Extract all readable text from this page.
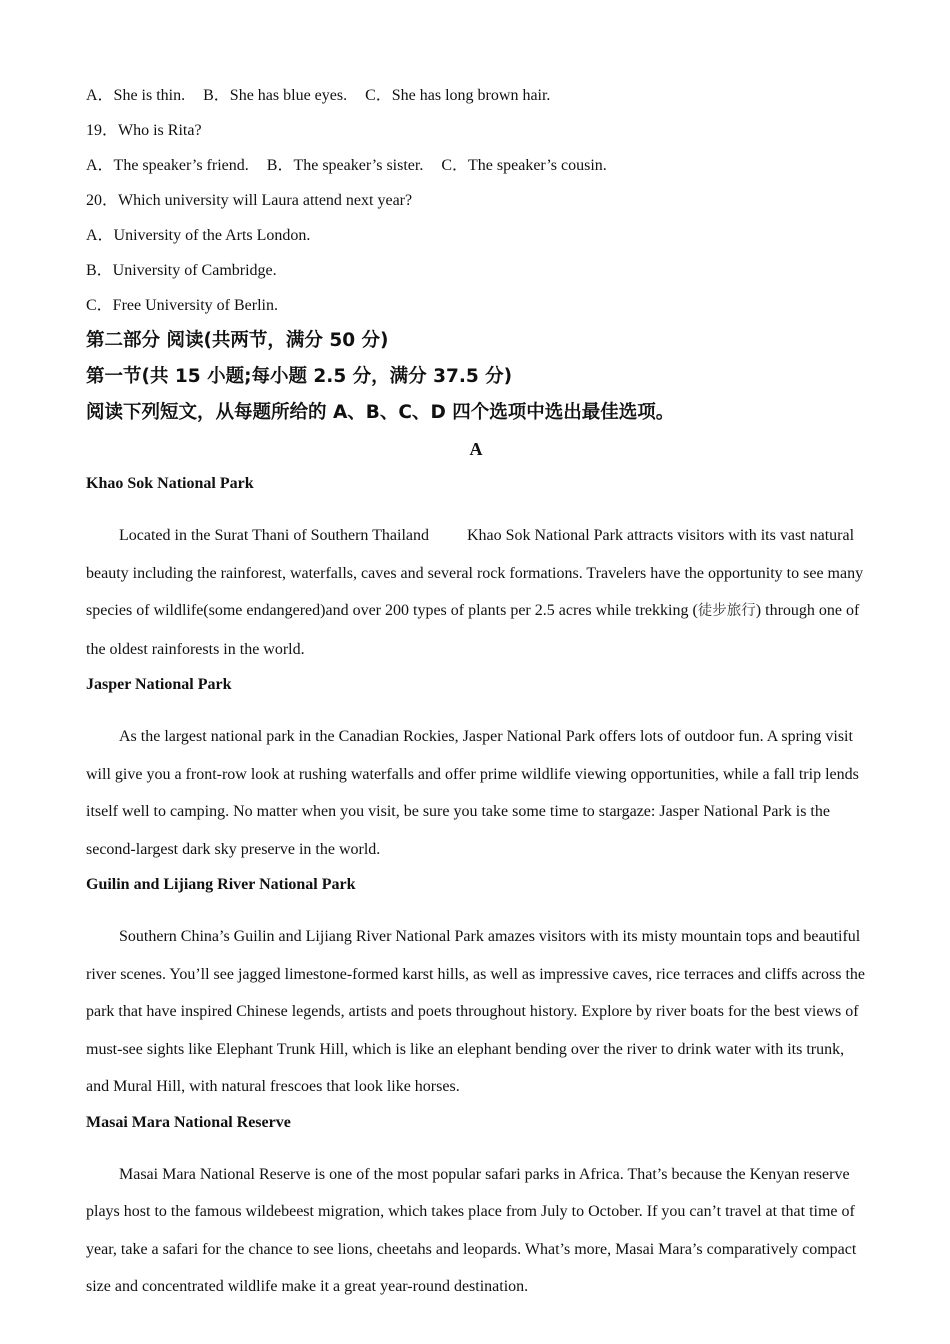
A．She is thin. B．She has blue eyes. C．She has long brown hair.
19．Who is Rita?
A．The speaker’s friend. B．The speaker’s sister. C．The speaker’s cousin.
20．Which university will Laura attend next year?
A．University of the Arts London.
B．University of Cambridge.
C．Free University of Berlin.
第二部分 阅读(共两节，满分 50 分)
第一节(共 15 小题;每小题 2.5 分，满分 37.5 分)
阅读下列短文，从每题所给的 A、B、C、D 四个选项中选出最佳选项。
A
Khao Sok National Park

Located in the Surat Thani of Southern Thailand Khao Sok National Park attracts visitors with its vast natural beauty including the rainforest, waterfalls, caves and several rock formations. Travelers have the opportunity to see many species of wildlife(some endangered)and over 200 types of plants per 2.5 acres while trekking (徒步旅行) through one of the oldest rainforests in the world.

Jasper National Park

As the largest national park in the Canadian Rockies, Jasper National Park offers lots of outdoor fun. A spring visit will give you a front-row look at rushing waterfalls and offer prime wildlife viewing opportunities, while a fall trip lends itself well to camping. No matter when you visit, be sure you take some time to stargaze: Jasper National Park is the second-largest dark sky preserve in the world.

Guilin and Lijiang River National Park

Southern China’s Guilin and Lijiang River National Park amazes visitors with its misty mountain tops and beautiful river scenes. You’ll see jagged limestone-formed karst hills, as well as impressive caves, rice terraces and cliffs across the park that have inspired Chinese legends, artists and poets throughout history. Explore by river boats for the best views of must-see sights like Elephant Trunk Hill, which is like an elephant bending over the river to drink water with its trunk, and Mural Hill, with natural frescoes that look like horses.

Masai Mara National Reserve

Masai Mara National Reserve is one of the most popular safari parks in Africa. That’s because the Kenyan reserve plays host to the famous wildebeest migration, which takes place from July to October. If you can’t travel at that time of year, take a safari for the chance to see lions, cheetahs and leopards. What’s more, Masai Mara’s comparatively compact size and concentrated wildlife make it a great year-round destination.
